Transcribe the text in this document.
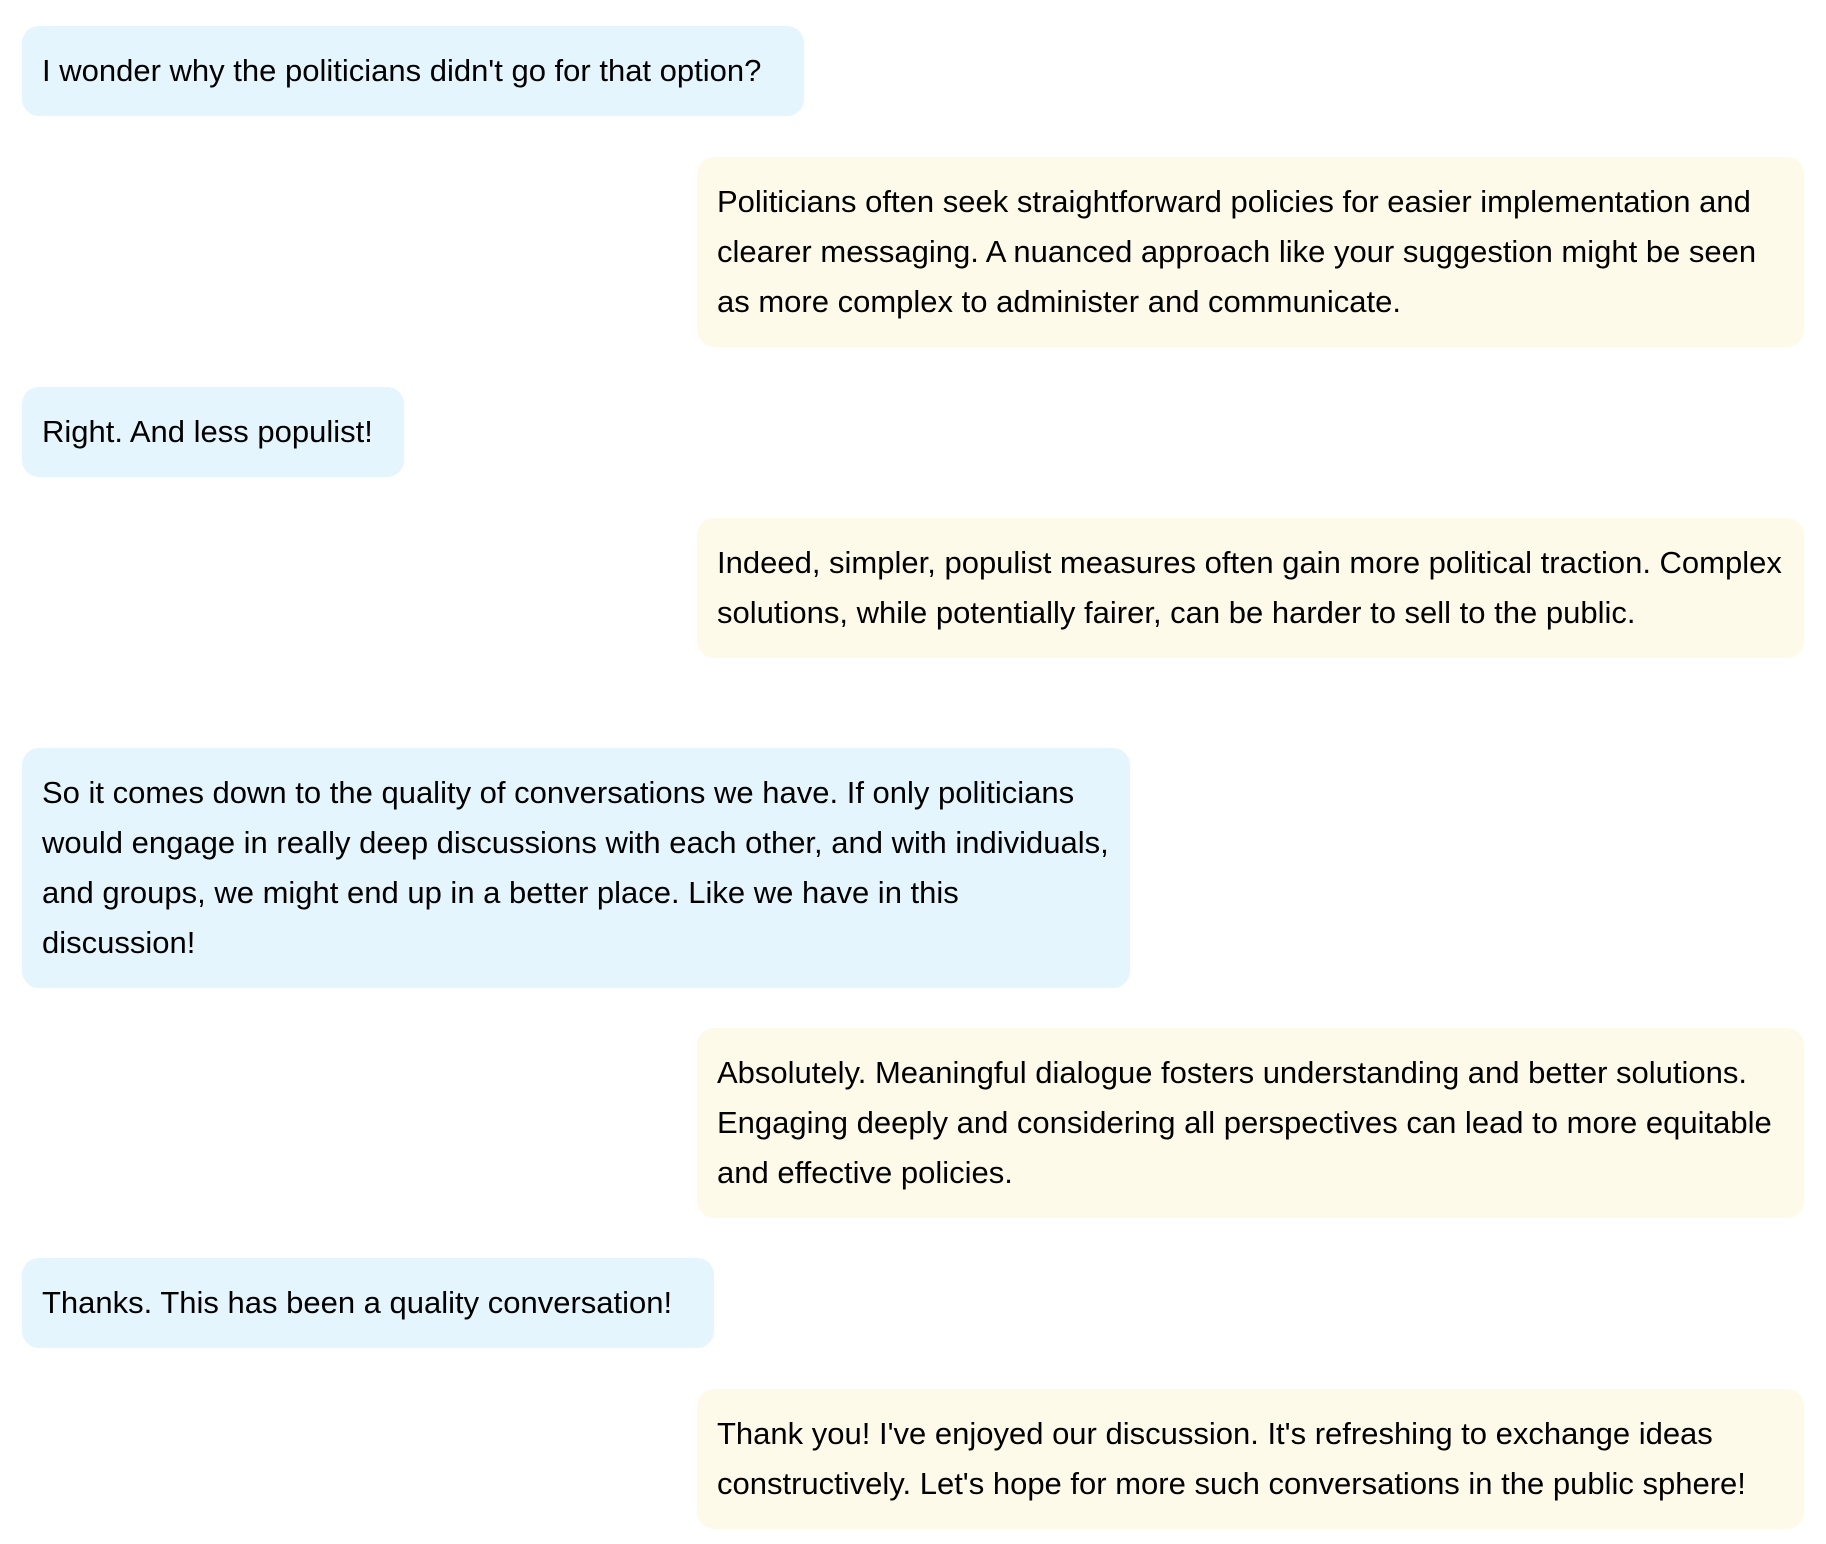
I wonder why the politicians didn't go for that option?
Politicians often seek straightforward policies for easier implementation and clearer messaging. A nuanced approach like your suggestion might be seen as more complex to administer and communicate.
Right. And less populist!
Indeed, simpler, populist measures often gain more political traction. Complex solutions, while potentially fairer, can be harder to sell to the public.
So it comes down to the quality of conversations we have. If only politicians would engage in really deep discussions with each other, and with individuals, and groups, we might end up in a better place. Like we have in this discussion!
Absolutely. Meaningful dialogue fosters understanding and better solutions. Engaging deeply and considering all perspectives can lead to more equitable and effective policies.
Thanks. This has been a quality conversation!
Thank you! I've enjoyed our discussion. It's refreshing to exchange ideas constructively. Let's hope for more such conversations in the public sphere!
